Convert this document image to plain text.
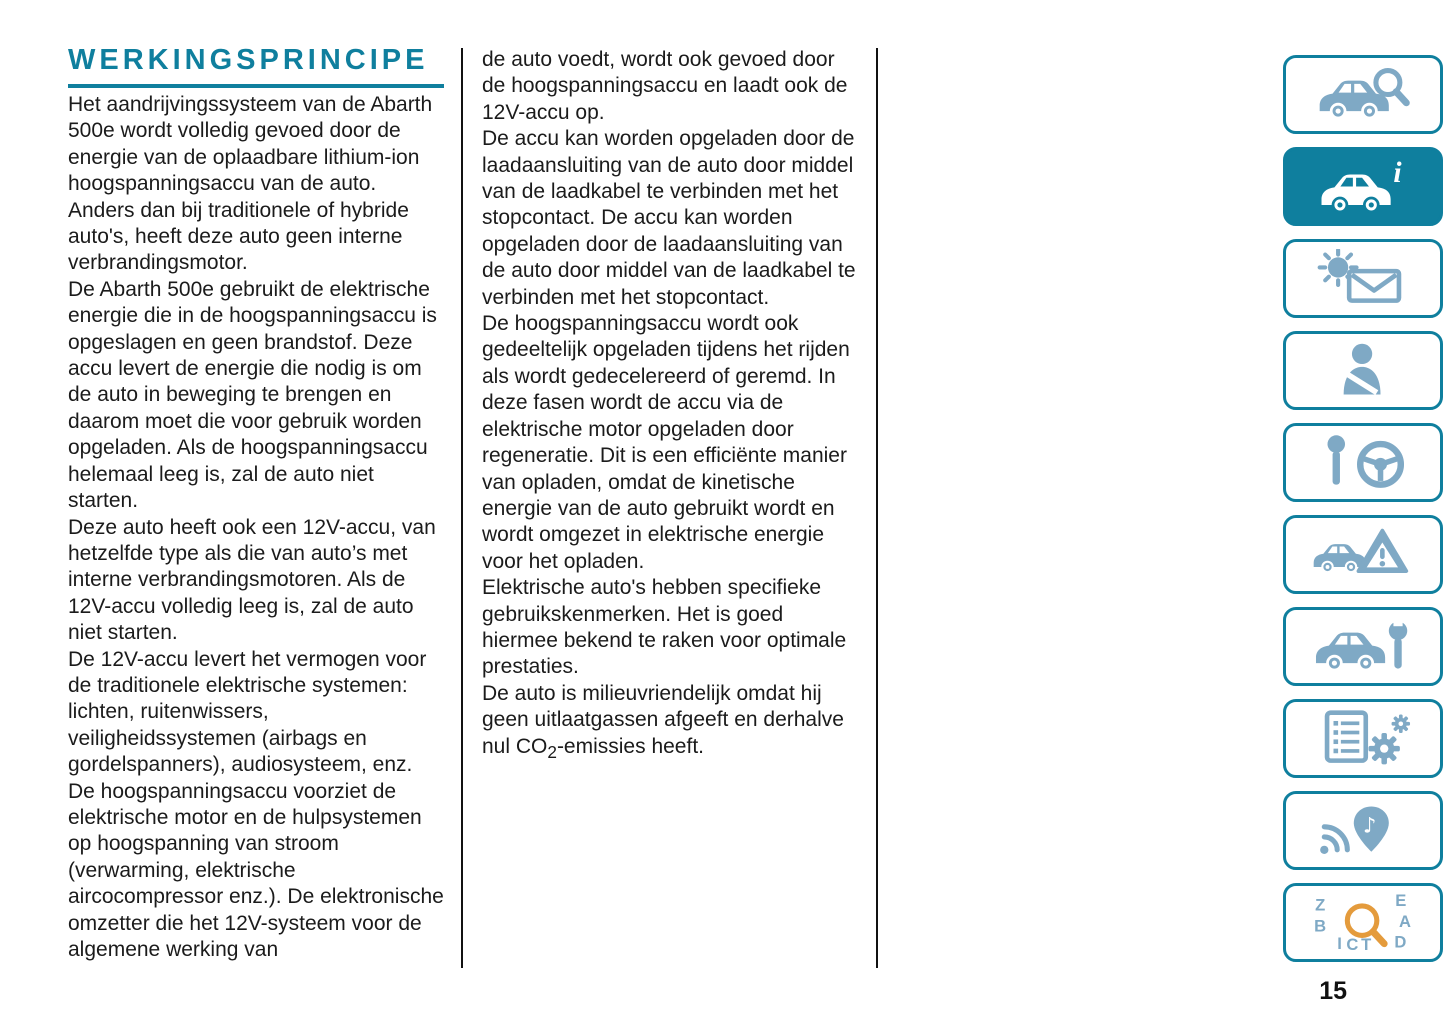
WERKINGSPRINCIPE

Het aandrijvingssysteem van de Abarth 500e wordt volledig gevoed door de energie van de oplaadbare lithium-ion hoogspanningsaccu van de auto. Anders dan bij traditionele of hybride auto's, heeft deze auto geen interne verbrandingsmotor.

De Abarth 500e gebruikt de elektrische energie die in de hoogspanningsaccu is opgeslagen en geen brandstof. Deze accu levert de energie die nodig is om de auto in beweging te brengen en daarom moet die voor gebruik worden opgeladen. Als de hoogspanningsaccu helemaal leeg is, zal de auto niet starten.

Deze auto heeft ook een 12V-accu, van hetzelfde type als die van auto’s met interne verbrandingsmotoren. Als de 12V-accu volledig leeg is, zal de auto niet starten.

De 12V-accu levert het vermogen voor de traditionele elektrische systemen: lichten, ruitenwissers, veiligheidssystemen (airbags en gordelspanners), audiosysteem, enz.

De hoogspanningsaccu voorziet de elektrische motor en de hulpsystemen op hoogspanning van stroom (verwarming, elektrische aircocompressor enz.). De elektronische omzetter die het 12V-systeem voor de algemene werking van

de auto voedt, wordt ook gevoed door de hoogspanningsaccu en laadt ook de 12V-accu op.

De accu kan worden opgeladen door de laadaansluiting van de auto door middel van de laadkabel te verbinden met het stopcontact. De accu kan worden opgeladen door de laadaansluiting van de auto door middel van de laadkabel te verbinden met het stopcontact.

De hoogspanningsaccu wordt ook gedeeltelijk opgeladen tijdens het rijden als wordt gedecelereerd of geremd. In deze fasen wordt de accu via de elektrische motor opgeladen door regeneratie. Dit is een efficiënte manier van opladen, omdat de kinetische energie van de auto gebruikt wordt en wordt omgezet in elektrische energie voor het opladen.

Elektrische auto's hebben specifieke gebruikskenmerken. Het is goed hiermee bekend te raken voor optimale prestaties.

De auto is milieuvriendelijk omdat hij geen uitlaatgassen afgeeft en derhalve nul $CO_2$-emissies heeft.

i
♪
Z	E
B	A
D
I C T
15
